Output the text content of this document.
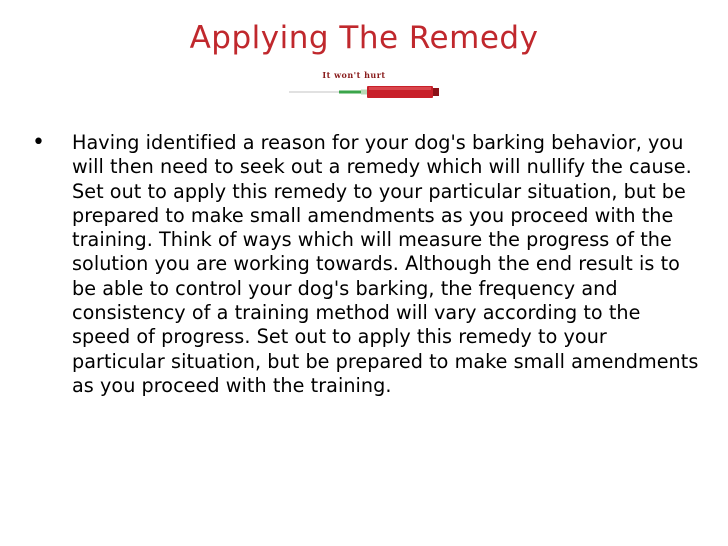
Applying The Remedy
It won't hurt
•	Having identified a reason for your dog's barking behavior, you will then need to seek out a remedy which will nullify the cause. Set out to apply this remedy to your particular situation, but be prepared to make small amendments as you proceed with the training. Think of ways which will measure the progress of the solution you are working towards. Although the end result is to be able to control your dog's barking, the frequency and consistency of a training method will vary according to the speed of progress. Set out to apply this remedy to your particular situation, but be prepared to make small amendments as you proceed with the training.
